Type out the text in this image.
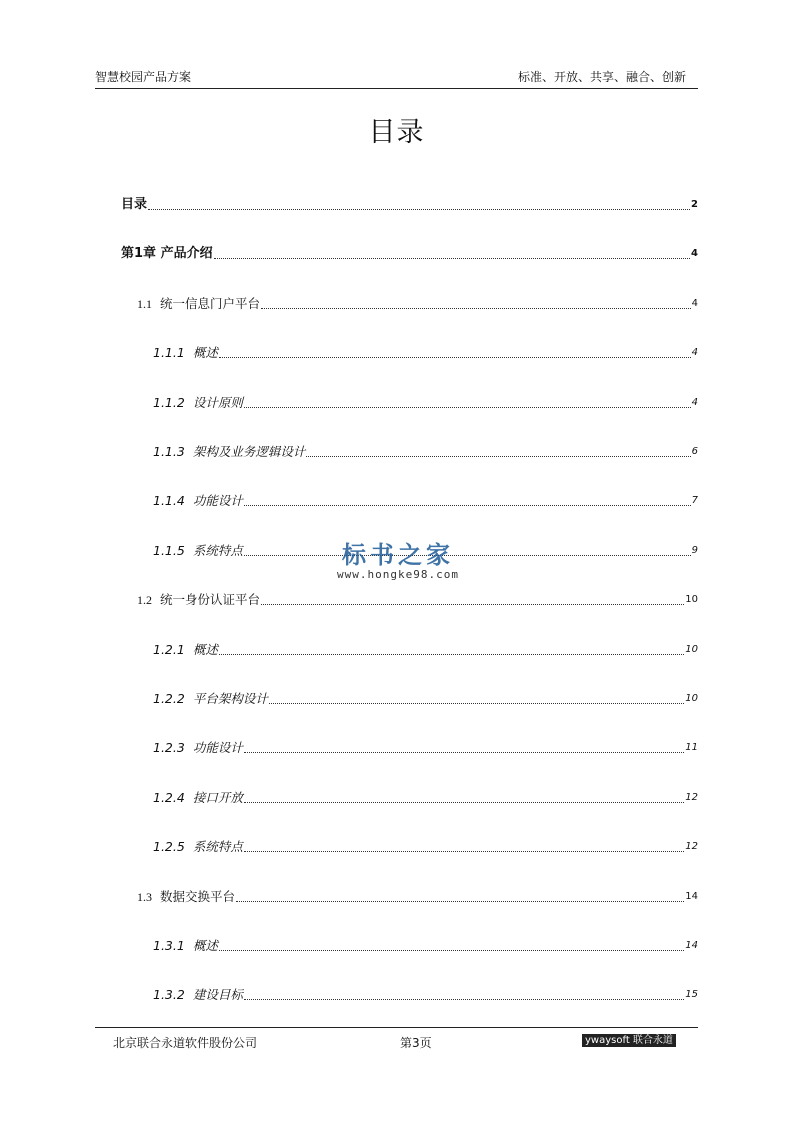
智慧校园产品方案	标准、开放、共享、融合、创新
目录
目录	2
第1章 产品介绍	4
1.1 统一信息门户平台	4
1.1.1 概述	4
1.1.2 设计原则	4
1.1.3 架构及业务逻辑设计	6
1.1.4 功能设计	7
1.1.5 系统特点	9
1.2 统一身份认证平台	10
1.2.1 概述	10
1.2.2 平台架构设计	10
1.2.3 功能设计	11
1.2.4 接口开放	12
1.2.5 系统特点	12
1.3 数据交换平台	14
1.3.1 概述	14
1.3.2 建设目标	15
标书之家
www.hongke98.com
北京联合永道软件股份公司	第3页	ywaysoft 联合永道
